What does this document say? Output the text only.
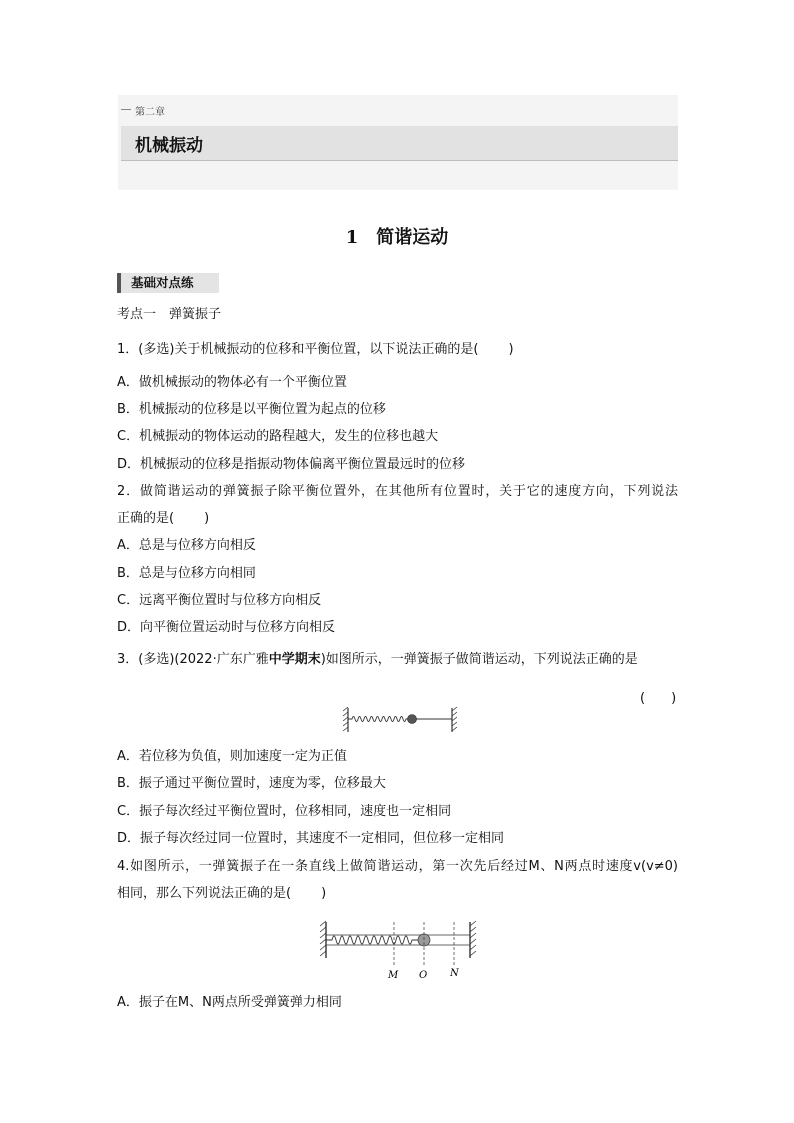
第二章
机械振动
1 简谐运动
基础对点练
考点一　弹簧振子
1．(多选)关于机械振动的位移和平衡位置，以下说法正确的是( )
A．做机械振动的物体必有一个平衡位置
B．机械振动的位移是以平衡位置为起点的位移
C．机械振动的物体运动的路程越大，发生的位移也越大
D．机械振动的位移是指振动物体偏离平衡位置最远时的位移
2．做简谐运动的弹簧振子除平衡位置外，在其他所有位置时，关于它的速度方向，下列说法
正确的是( )
A．总是与位移方向相反
B．总是与位移方向相同
C．远离平衡位置时与位移方向相反
D．向平衡位置运动时与位移方向相反
3．(多选)(2022·广东广雅中学期末)如图所示，一弹簧振子做简谐运动，下列说法正确的是
(　　)
A．若位移为负值，则加速度一定为正值
B．振子通过平衡位置时，速度为零，位移最大
C．振子每次经过平衡位置时，位移相同，速度也一定相同
D．振子每次经过同一位置时，其速度不一定相同，但位移一定相同
4.如图所示，一弹簧振子在一条直线上做简谐运动，第一次先后经过M、N两点时速度v(v≠0)
相同，那么下列说法正确的是( )
M O N
A．振子在M、N两点所受弹簧弹力相同
